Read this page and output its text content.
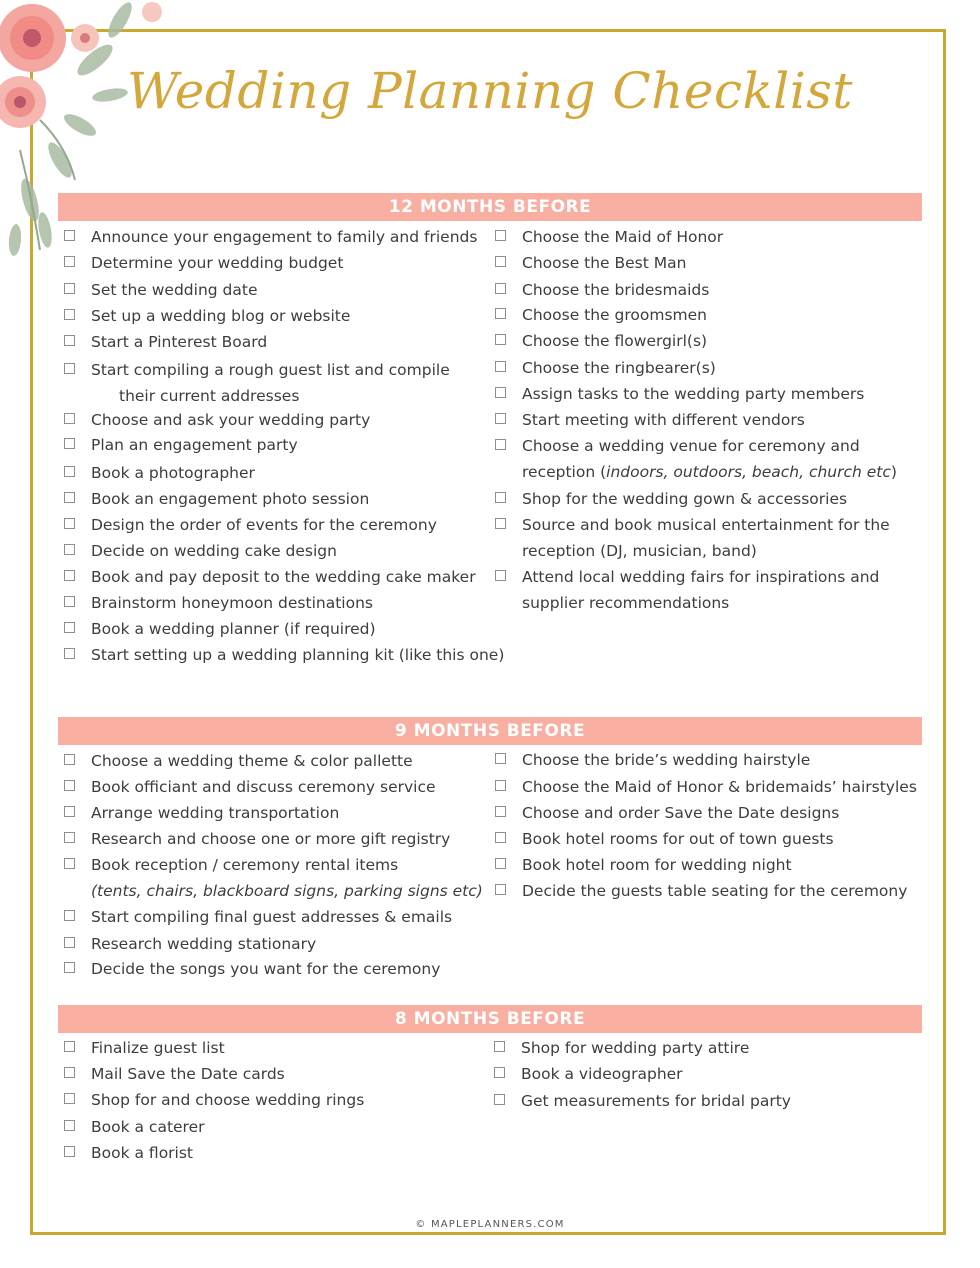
Wedding Planning Checklist
12 MONTHS BEFORE
Announce your engagement to family and friends
Determine your wedding budget
Set the wedding date
Set up a wedding blog or website
Start a Pinterest Board
Start compiling a rough guest list and compile
their current addresses
Choose and ask your wedding party
Plan an engagement party
Book a photographer
Book an engagement photo session
Design the order of events for the ceremony
Decide on wedding cake design
Book and pay deposit to the wedding cake maker
Brainstorm honeymoon destinations
Book a wedding planner (if required)
Start setting up a wedding planning kit (like this one)
Choose the Maid of Honor
Choose the Best Man
Choose the bridesmaids
Choose the groomsmen
Choose the flowergirl(s)
Choose the ringbearer(s)
Assign tasks to the wedding party members
Start meeting with different vendors
Choose a wedding venue for ceremony and
reception (indoors, outdoors, beach, church etc)
Shop for the wedding gown & accessories
Source and book musical entertainment for the
reception (DJ, musician, band)
Attend local wedding fairs for inspirations and
supplier recommendations
9 MONTHS BEFORE
Choose a wedding theme & color pallette
Book officiant and discuss ceremony service
Arrange wedding transportation
Research and choose one or more gift registry
Book reception / ceremony rental items
(tents, chairs, blackboard signs, parking signs etc)
Start compiling final guest addresses & emails
Research wedding stationary
Decide the songs you want for the ceremony
Choose the bride’s wedding hairstyle
Choose the Maid of Honor & bridemaids’ hairstyles
Choose and order Save the Date designs
Book hotel rooms for out of town guests
Book hotel room for wedding night
Decide the guests table seating for the ceremony
8 MONTHS BEFORE
Finalize guest list
Mail Save the Date cards
Shop for and choose wedding rings
Book a caterer
Book a florist
Shop for wedding party attire
Book a videographer
Get measurements for bridal party
© MAPLEPLANNERS.COM
